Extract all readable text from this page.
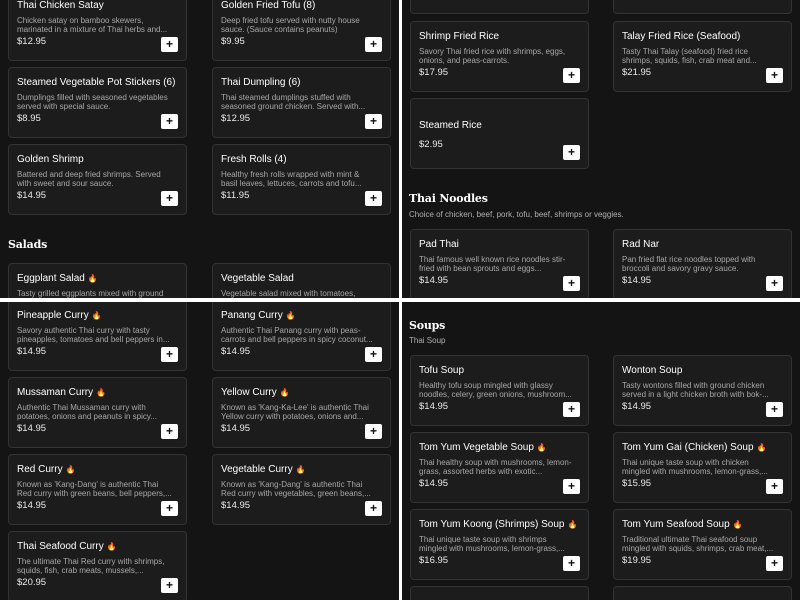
Thai Chicken Satay
Chicken satay on bamboo skewers, marinated in a mixture of Thai herbs and...
$12.95	+
Golden Fried Tofu (8)
Deep fried tofu served with nutty house sauce. (Sauce contains peanuts)
$9.95	+
Steamed Vegetable Pot Stickers (6)
Dumplings filled with seasoned vegetables served with special sauce.
$8.95	+
Thai Dumpling (6)
Thai steamed dumplings stuffed with seasoned ground chicken. Served with...
$12.95	+
Golden Shrimp
Battered and deep fried shrimps. Served with sweet and sour sauce.
$14.95	+
Fresh Rolls (4)
Healthy fresh rolls wrapped with mint & basil leaves, lettuces, carrots and tofu...
$11.95	+
Salads
Eggplant Salad 🔥
Tasty grilled eggplants mixed with ground
Vegetable Salad
Vegetable salad mixed with tomatoes,
Shrimp Fried Rice
Savory Thai fried rice with shrimps, eggs, onions, and peas-carrots.
$17.95	+
Talay Fried Rice (Seafood)
Tasty Thai Talay (seafood) fried rice shrimps, squids, fish, crab meat and...
$21.95	+
Steamed Rice
$2.95
+
Thai Noodles
Choice of chicken, beef, pork, tofu, beef, shrimps or veggies.
Pad Thai
Thai famous well known rice noodles stir-fried with bean sprouts and eggs...
$14.95	+
Rad Nar
Pan fried flat rice noodles topped with broccoli and savory gravy sauce.
$14.95	+
Pineapple Curry 🔥
Savory authentic Thai curry with tasty pineapples, tomatoes and bell peppers in...
$14.95	+
Panang Curry 🔥
Authentic Thai Panang curry with peas-carrots and bell peppers in spicy coconut...
$14.95	+
Mussaman Curry 🔥
Authentic Thai Mussaman curry with potatoes, onions and peanuts in spicy...
$14.95	+
Yellow Curry 🔥
Known as 'Kang-Ka-Lee' is authentic Thai Yellow curry with potatoes, onions and...
$14.95	+
Red Curry 🔥
Known as 'Kang-Dang' is authentic Thai Red curry with green beans, bell peppers,...
$14.95	+
Vegetable Curry 🔥
Known as 'Kang-Dang' is authentic Thai Red curry with vegetables, green beans,...
$14.95	+
Thai Seafood Curry 🔥
The ultimate Thai Red curry with shrimps, squids, fish, crab meats, mussels,...
$20.95	+
Soups
Thai Soup
Tofu Soup
Healthy tofu soup mingled with glassy noodles, celery, green onions, mushroom...
$14.95	+
Wonton Soup
Tasty wontons filled with ground chicken served in a light chicken broth with bok-...
$14.95	+
Tom Yum Vegetable Soup 🔥
Thai healthy soup with mushrooms, lemon-grass, assorted herbs with exotic...
$14.95	+
Tom Yum Gai (Chicken) Soup 🔥
Thai unique taste soup with chicken mingled with mushrooms, lemon-grass,...
$15.95	+
Tom Yum Koong (Shrimps) Soup 🔥
Thai unique taste soup with shrimps mingled with mushrooms, lemon-grass,...
$16.95	+
Tom Yum Seafood Soup 🔥
Traditional ultimate Thai seafood soup mingled with squids, shrimps, crab meat,...
$19.95	+
